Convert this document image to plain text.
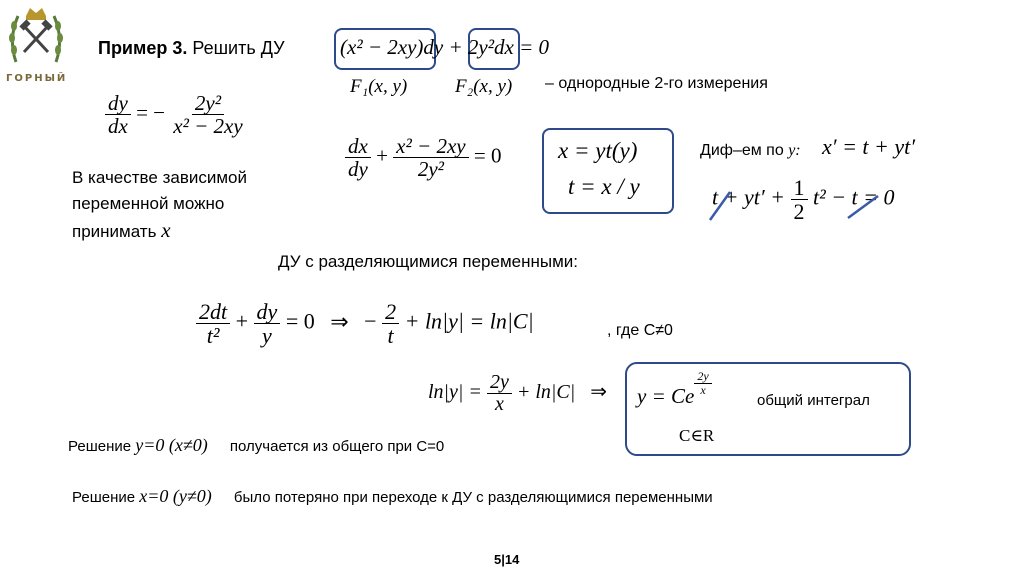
ГОРНЫЙ
Пример 3. Решить ДУ	(x² − 2xy)dy + 2y²dx = 0
F₁(x, y)	F₂(x, y) – однородные 2-го измерения
$\frac{dy}{dx}$ = − $\frac{\text{2y²}}{\text{x² − 2xy}}$
В качестве зависимой
переменной можно
принимать x
$\frac{dx}{dy} + \frac{\text{x² − 2xy}}{\text{2y²}} = 0$ x = yt(y)
t = x / y
Диф–ем по y: x′ = t + yt′
$t + yt' + \frac{1}{2} t^2 - t = 0$
ДУ с разделяющимися переменными:
$\frac{2dt}{\text{t²}} + \frac{dy}{y} = 0$ ⇒ − $\frac{2}{t} + \ln|y| = \ln|C|$	, где C≠0
$\ln|y| = \frac{2y}{x} + \ln|C|$ ⇒ y = Ce $\frac{2y}{x}$
общий интеграл
C∈R
Решение y=0 (x≠0) получается из общего при C=0
Решение x=0 (y≠0) было потеряно при переходе к ДУ с разделяющимися переменными
5|14
